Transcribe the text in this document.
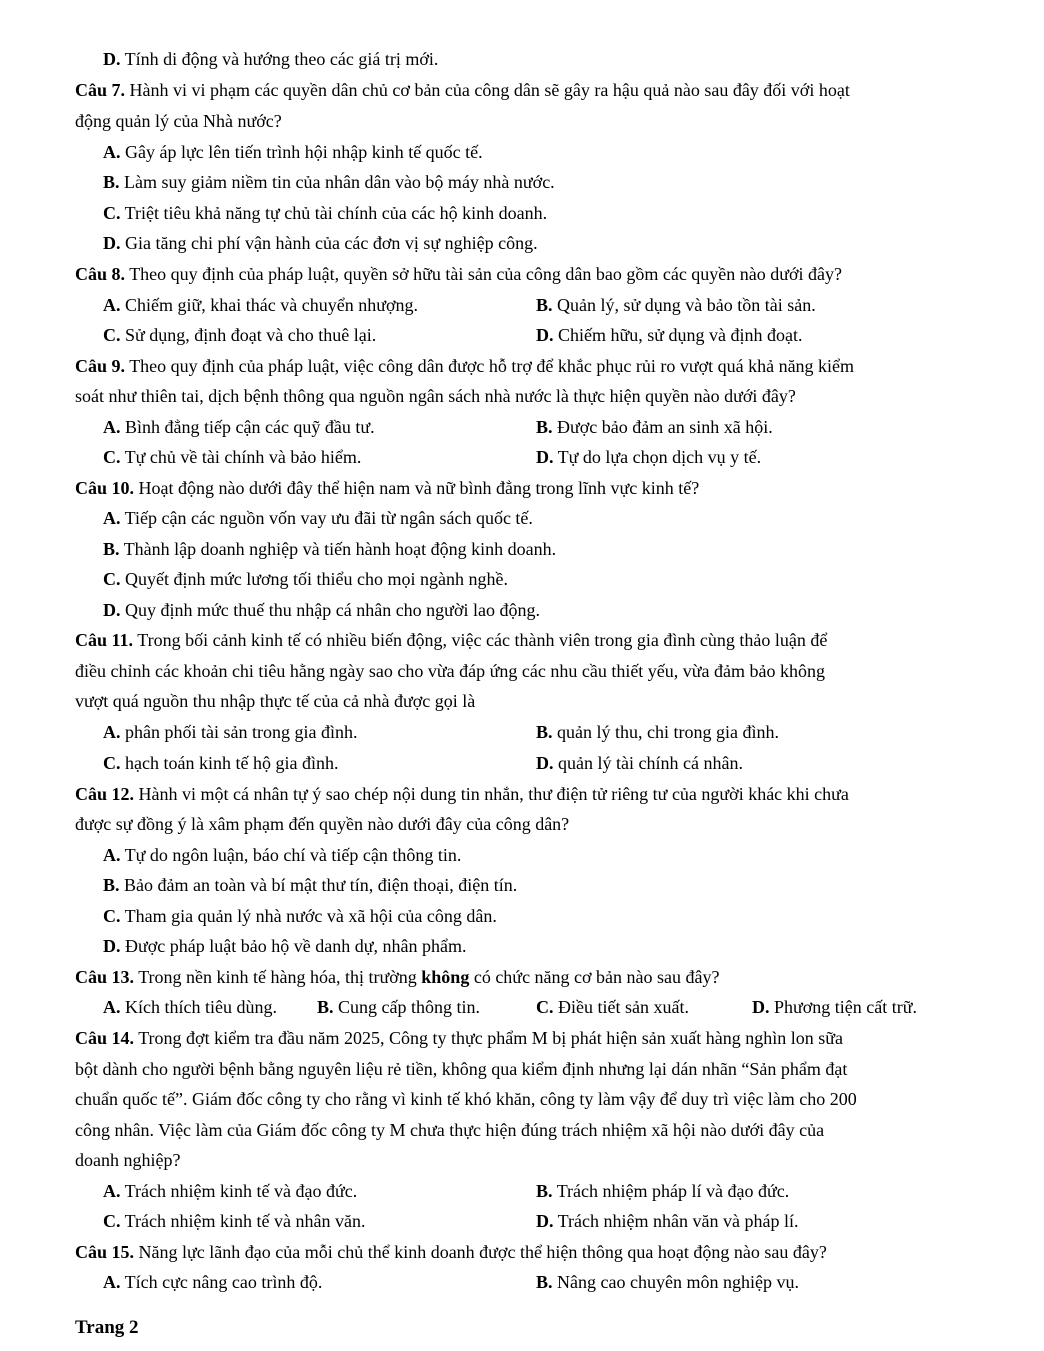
D. Tính di động và hướng theo các giá trị mới.
Câu 7. Hành vi vi phạm các quyền dân chủ cơ bản của công dân sẽ gây ra hậu quả nào sau đây đối với hoạt
động quản lý của Nhà nước?
A. Gây áp lực lên tiến trình hội nhập kinh tế quốc tế.
B. Làm suy giảm niềm tin của nhân dân vào bộ máy nhà nước.
C. Triệt tiêu khả năng tự chủ tài chính của các hộ kinh doanh.
D. Gia tăng chi phí vận hành của các đơn vị sự nghiệp công.
Câu 8. Theo quy định của pháp luật, quyền sở hữu tài sản của công dân bao gồm các quyền nào dưới đây?
A. Chiếm giữ, khai thác và chuyển nhượng.	B. Quản lý, sử dụng và bảo tồn tài sản.
C. Sử dụng, định đoạt và cho thuê lại.	D. Chiếm hữu, sử dụng và định đoạt.
Câu 9. Theo quy định của pháp luật, việc công dân được hỗ trợ để khắc phục rủi ro vượt quá khả năng kiểm
soát như thiên tai, dịch bệnh thông qua nguồn ngân sách nhà nước là thực hiện quyền nào dưới đây?
A. Bình đẳng tiếp cận các quỹ đầu tư.	B. Được bảo đảm an sinh xã hội.
C. Tự chủ về tài chính và bảo hiểm.	D. Tự do lựa chọn dịch vụ y tế.
Câu 10. Hoạt động nào dưới đây thể hiện nam và nữ bình đẳng trong lĩnh vực kinh tế?
A. Tiếp cận các nguồn vốn vay ưu đãi từ ngân sách quốc tế.
B. Thành lập doanh nghiệp và tiến hành hoạt động kinh doanh.
C. Quyết định mức lương tối thiểu cho mọi ngành nghề.
D. Quy định mức thuế thu nhập cá nhân cho người lao động.
Câu 11. Trong bối cảnh kinh tế có nhiều biến động, việc các thành viên trong gia đình cùng thảo luận để
điều chỉnh các khoản chi tiêu hằng ngày sao cho vừa đáp ứng các nhu cầu thiết yếu, vừa đảm bảo không
vượt quá nguồn thu nhập thực tế của cả nhà được gọi là
A. phân phối tài sản trong gia đình.	B. quản lý thu, chi trong gia đình.
C. hạch toán kinh tế hộ gia đình.	D. quản lý tài chính cá nhân.
Câu 12. Hành vi một cá nhân tự ý sao chép nội dung tin nhắn, thư điện tử riêng tư của người khác khi chưa
được sự đồng ý là xâm phạm đến quyền nào dưới đây của công dân?
A. Tự do ngôn luận, báo chí và tiếp cận thông tin.
B. Bảo đảm an toàn và bí mật thư tín, điện thoại, điện tín.
C. Tham gia quản lý nhà nước và xã hội của công dân.
D. Được pháp luật bảo hộ về danh dự, nhân phẩm.
Câu 13. Trong nền kinh tế hàng hóa, thị trường không có chức năng cơ bản nào sau đây?
A. Kích thích tiêu dùng. B. Cung cấp thông tin.	C. Điều tiết sản xuất.	D. Phương tiện cất trữ.
Câu 14. Trong đợt kiểm tra đầu năm 2025, Công ty thực phẩm M bị phát hiện sản xuất hàng nghìn lon sữa
bột dành cho người bệnh bằng nguyên liệu rẻ tiền, không qua kiểm định nhưng lại dán nhãn “Sản phẩm đạt
chuẩn quốc tế”. Giám đốc công ty cho rằng vì kinh tế khó khăn, công ty làm vậy để duy trì việc làm cho 200
công nhân. Việc làm của Giám đốc công ty M chưa thực hiện đúng trách nhiệm xã hội nào dưới đây của
doanh nghiệp?
A. Trách nhiệm kinh tế và đạo đức.	B. Trách nhiệm pháp lí và đạo đức.
C. Trách nhiệm kinh tế và nhân văn.	D. Trách nhiệm nhân văn và pháp lí.
Câu 15. Năng lực lãnh đạo của mỗi chủ thể kinh doanh được thể hiện thông qua hoạt động nào sau đây?
A. Tích cực nâng cao trình độ.	B. Nâng cao chuyên môn nghiệp vụ.
Trang 2
